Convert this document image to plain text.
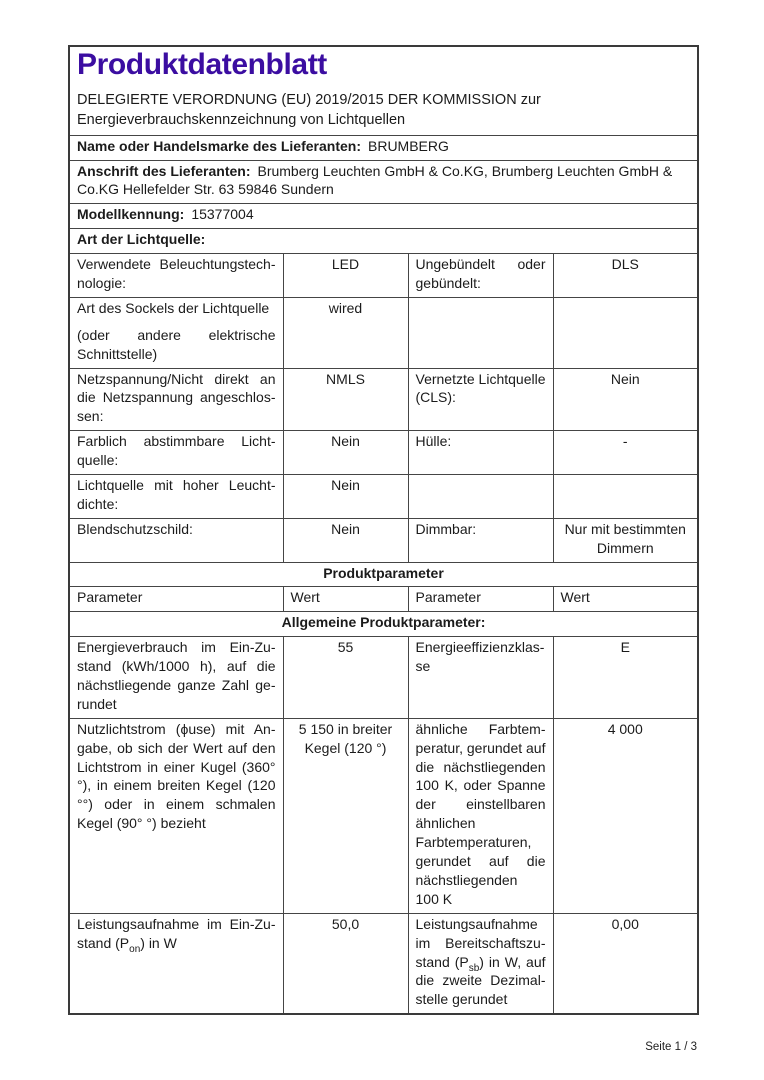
Produktdatenblatt

DELEGIERTE VERORDNUNG (EU) 2019/2015 DER KOMMISSION zur Energieverbrauchskennzeichnung von Lichtquellen

Name oder Handelsmarke des Lieferanten: BRUMBERG			
Anschrift des Lieferanten: Brumberg Leuchten GmbH & Co.KG, Brumberg Leuchten GmbH & Co.KG Hellefelder Str. 63 59846 Sundern			
Modellkennung: 15377004			
Art der Lichtquelle:			
Verwendete Beleuchtungstechnologie:	LED	Ungebündelt oder gebündelt:	DLS

Art des Sockels der Lichtquelle
(oder andere elektrische Schnittstelle)	wired		
Netzspannung/Nicht direkt an die Netzspannung angeschlossen:	NMLS	Vernetzte Lichtquelle (CLS):	Nein
Farblich abstimmbare Lichtquelle:	Nein	Hülle:	-
Lichtquelle mit hoher Leuchtdichte:	Nein		
Blendschutzschild:	Nein	Dimmbar:	Nur mit bestimmten Dimmern
Produktparameter			
Parameter	Wert	Parameter	Wert
Allgemeine Produktparameter:			
Energieverbrauch im Ein-Zustand (kWh/1000 h), auf die nächstliegende ganze Zahl gerundet	55	Energieeffizienzklasse	E
Nutzlichtstrom (ϕuse) mit Angabe, ob sich der Wert auf den Lichtstrom in einer Kugel (360° °), in einem breiten Kegel (120 °°) oder in einem schmalen Kegel (90° °) bezieht	5 150 in breiter Kegel (120 °)	ähnliche Farbtemperatur, gerundet auf die nächstliegenden 100 K, oder Spanne der einstellbaren ähnlichen Farbtemperaturen, gerundet auf die nächstliegenden 100 K	4 000
Leistungsaufnahme im Ein-Zustand $(P_{on})$ in W	50,0	Leistungsaufnahme im Bereitschaftszustand $(P_{sb})$ in W, auf die zweite Dezimalstelle gerundet	0,00
Seite 1 / 3
